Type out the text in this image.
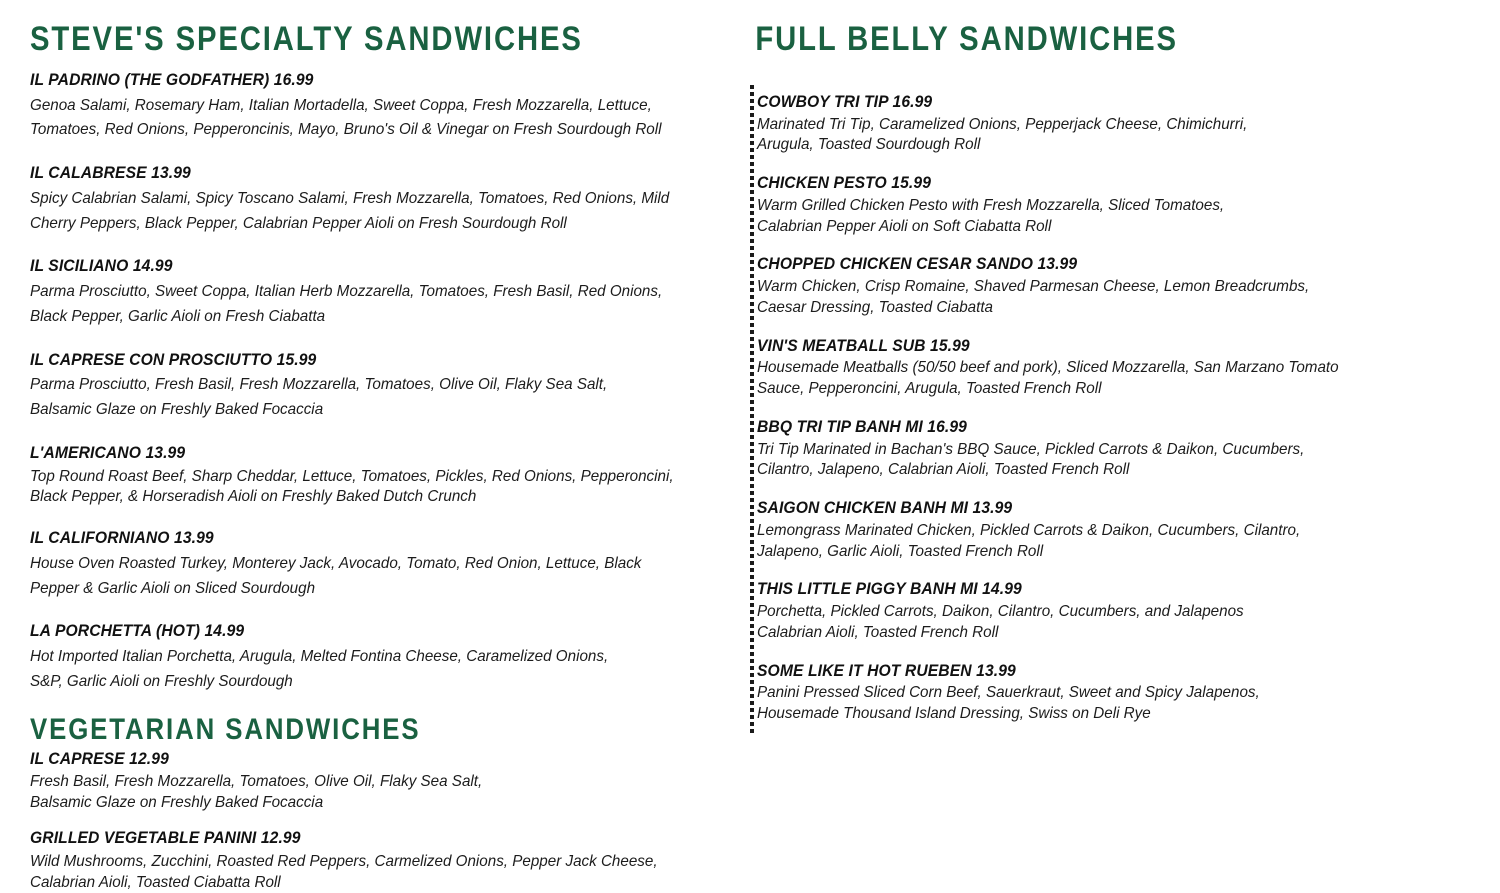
STEVE'S SPECIALTY SANDWICHES
IL PADRINO (THE GODFATHER) 16.99
Genoa Salami, Rosemary Ham, Italian Mortadella, Sweet Coppa, Fresh Mozzarella, Lettuce,
Tomatoes, Red Onions, Pepperoncinis, Mayo, Bruno's Oil & Vinegar on Fresh Sourdough Roll
IL CALABRESE 13.99
Spicy Calabrian Salami, Spicy Toscano Salami, Fresh Mozzarella, Tomatoes, Red Onions, Mild
Cherry Peppers, Black Pepper, Calabrian Pepper Aioli on Fresh Sourdough Roll
IL SICILIANO 14.99
Parma Prosciutto, Sweet Coppa, Italian Herb Mozzarella, Tomatoes, Fresh Basil, Red Onions,
Black Pepper, Garlic Aioli on Fresh Ciabatta
IL CAPRESE CON PROSCIUTTO 15.99
Parma Prosciutto, Fresh Basil, Fresh Mozzarella, Tomatoes, Olive Oil, Flaky Sea Salt,
Balsamic Glaze on Freshly Baked Focaccia
L'AMERICANO 13.99
Top Round Roast Beef, Sharp Cheddar, Lettuce, Tomatoes, Pickles, Red Onions, Pepperoncini,
Black Pepper, & Horseradish Aioli on Freshly Baked Dutch Crunch
IL CALIFORNIANO 13.99
House Oven Roasted Turkey, Monterey Jack, Avocado, Tomato, Red Onion, Lettuce, Black
Pepper & Garlic Aioli on Sliced Sourdough
LA PORCHETTA (HOT) 14.99
Hot Imported Italian Porchetta, Arugula, Melted Fontina Cheese, Caramelized Onions,
S&P, Garlic Aioli on Freshly Sourdough
VEGETARIAN SANDWICHES
IL CAPRESE 12.99
Fresh Basil, Fresh Mozzarella, Tomatoes, Olive Oil, Flaky Sea Salt,
Balsamic Glaze on Freshly Baked Focaccia
GRILLED VEGETABLE PANINI 12.99
Wild Mushrooms, Zucchini, Roasted Red Peppers, Carmelized Onions, Pepper Jack Cheese,
Calabrian Aioli, Toasted Ciabatta Roll
FULL BELLY SANDWICHES
COWBOY TRI TIP 16.99
Marinated Tri Tip, Caramelized Onions, Pepperjack Cheese, Chimichurri,
Arugula, Toasted Sourdough Roll
CHICKEN PESTO 15.99
Warm Grilled Chicken Pesto with Fresh Mozzarella, Sliced Tomatoes,
Calabrian Pepper Aioli on Soft Ciabatta Roll
CHOPPED CHICKEN CESAR SANDO 13.99
Warm Chicken, Crisp Romaine, Shaved Parmesan Cheese, Lemon Breadcrumbs,
Caesar Dressing, Toasted Ciabatta
VIN'S MEATBALL SUB 15.99
Housemade Meatballs (50/50 beef and pork), Sliced Mozzarella, San Marzano Tomato
Sauce, Pepperoncini, Arugula, Toasted French Roll
BBQ TRI TIP BANH MI 16.99
Tri Tip Marinated in Bachan's BBQ Sauce, Pickled Carrots & Daikon, Cucumbers,
Cilantro, Jalapeno, Calabrian Aioli, Toasted French Roll
SAIGON CHICKEN BANH MI 13.99
Lemongrass Marinated Chicken, Pickled Carrots & Daikon, Cucumbers, Cilantro,
Jalapeno, Garlic Aioli, Toasted French Roll
THIS LITTLE PIGGY BANH MI 14.99
Porchetta, Pickled Carrots, Daikon, Cilantro, Cucumbers, and Jalapenos
Calabrian Aioli, Toasted French Roll
SOME LIKE IT HOT RUEBEN 13.99
Panini Pressed Sliced Corn Beef, Sauerkraut, Sweet and Spicy Jalapenos,
Housemade Thousand Island Dressing, Swiss on Deli Rye
